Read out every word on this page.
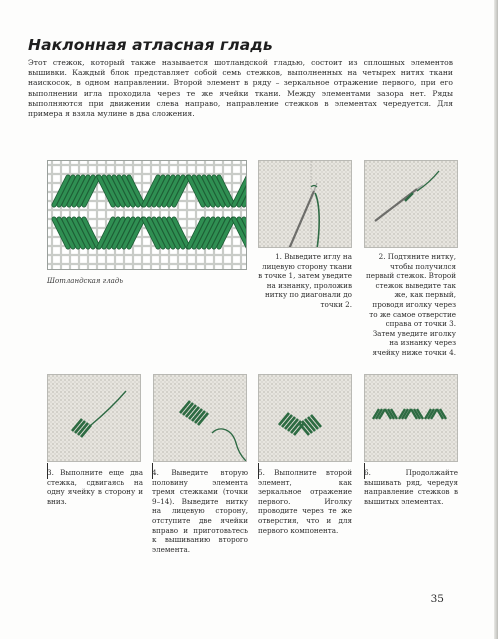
Наклонная атласная гладь

Этот стежок, который также называется шотландской гладью, состоит из сплошных элементов вышивки. Каждый блок представляет собой семь стежков, выполненных на четырех нитях ткани наискосок, в одном направлении. Второй элемент в ряду – зеркальное отражение первого, при его выполнении игла проходила через те же ячейки ткани. Между элементами зазора нет. Ряды выполняются при движении слева направо, направление стежков в элементах чередуется. Для примера я взяла мулине в два сложения.

Шотландская гладь
1. Выведите иглу на лицевую сторону ткани в точке 1, затем уведите на изнанку, проложив нитку по диагонали до точки 2.
2. Подтяните нитку, чтобы получился первый стежок. Второй стежок выведите так же, как первый, проводя иголку через то же самое отверстие справа от точки 3. Затем уведите иголку на изнанку через ячейку ниже точки 4.
3. Выполните еще два стежка, сдвигаясь на одну ячейку в сторону и вниз.
4. Выведите вторую половину элемента тремя стежками (точки 9–14). Выведите нитку на лицевую сторону, отступите две ячейки вправо и приготовьтесь к вышиванию второго элемента.
5. Выполните второй элемент, как зеркальное отражение первого. Иголку проводите через те же отверстия, что и для первого компонента.
6. Продолжайте вышивать ряд, чередуя направление стежков в вышитых элементах.
35
